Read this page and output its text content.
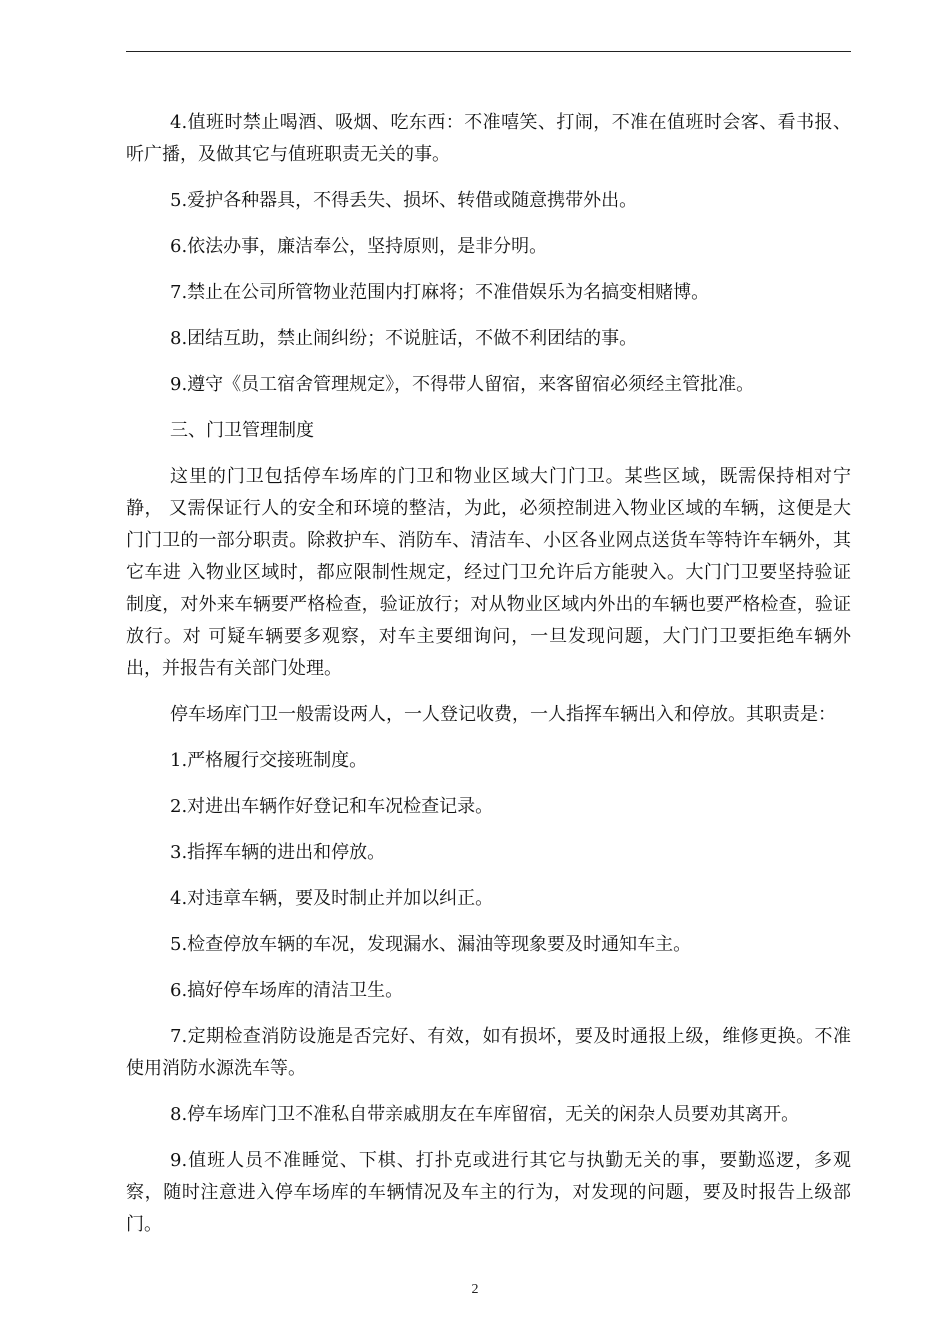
4.值班时禁止喝酒、吸烟、吃东西：不准嘻笑、打闹，不准在值班时会客、看书报、听广播，及做其它与值班职责无关的事。

5.爱护各种器具，不得丢失、损坏、转借或随意携带外出。

6.依法办事，廉洁奉公，坚持原则，是非分明。

7.禁止在公司所管物业范围内打麻将；不准借娱乐为名搞变相赌博。

8.团结互助，禁止闹纠纷；不说脏话，不做不利团结的事。

9.遵守《员工宿舍管理规定》，不得带人留宿，来客留宿必须经主管批准。

三、门卫管理制度

这里的门卫包括停车场库的门卫和物业区域大门门卫。某些区域，既需保持相对宁静， 又需保证行人的安全和环境的整洁，为此，必须控制进入物业区域的车辆，这便是大门门卫的一部分职责。除救护车、消防车、清洁车、小区各业网点送货车等特许车辆外，其它车进 入物业区域时，都应限制性规定，经过门卫允许后方能驶入。大门门卫要坚持验证制度，对外来车辆要严格检查，验证放行；对从物业区域内外出的车辆也要严格检查，验证放行。对 可疑车辆要多观察，对车主要细询问，一旦发现问题，大门门卫要拒绝车辆外出，并报告有关部门处理。

停车场库门卫一般需设两人，一人登记收费，一人指挥车辆出入和停放。其职责是：

1.严格履行交接班制度。

2.对进出车辆作好登记和车况检查记录。

3.指挥车辆的进出和停放。

4.对违章车辆，要及时制止并加以纠正。

5.检查停放车辆的车况，发现漏水、漏油等现象要及时通知车主。

6.搞好停车场库的清洁卫生。

7.定期检查消防设施是否完好、有效，如有损坏，要及时通报上级，维修更换。不准使用消防水源洗车等。

8.停车场库门卫不准私自带亲戚朋友在车库留宿，无关的闲杂人员要劝其离开。

9.值班人员不准睡觉、下棋、打扑克或进行其它与执勤无关的事，要勤巡逻，多观察，随时注意进入停车场库的车辆情况及车主的行为，对发现的问题，要及时报告上级部门。

2
